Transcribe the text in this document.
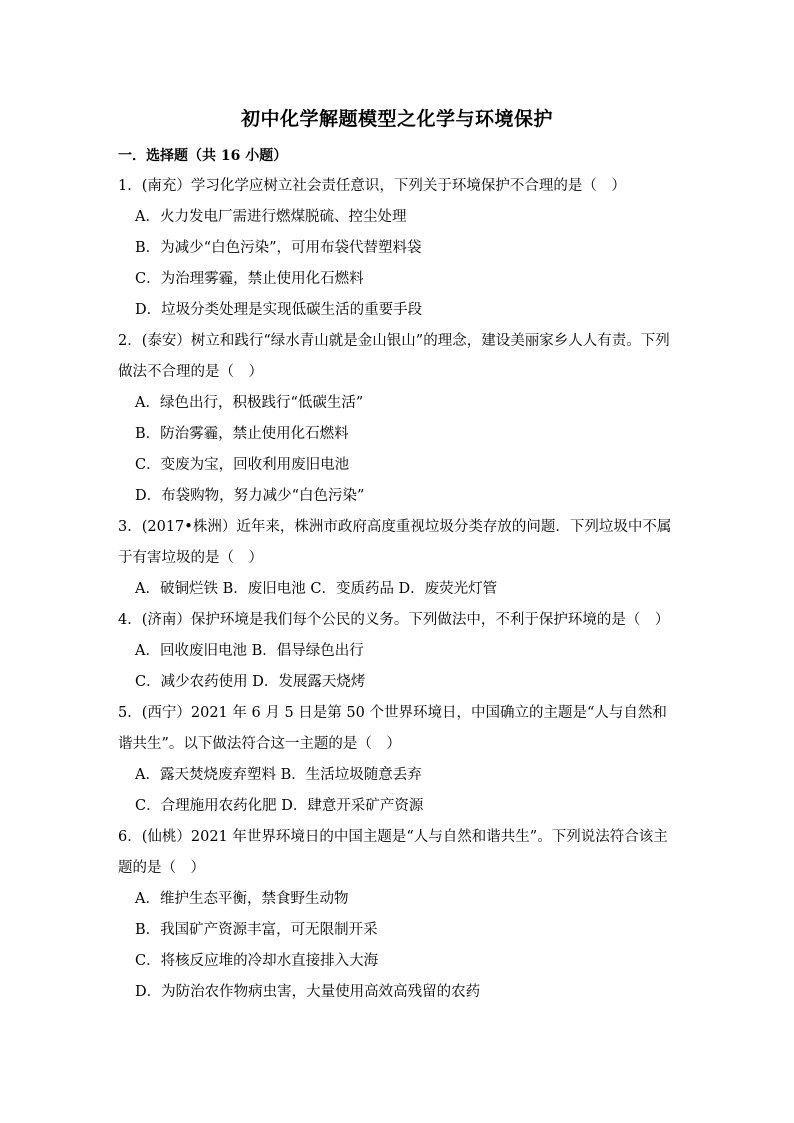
初中化学解题模型之化学与环境保护
一．选择题（共 16 小题）
1．(南充）学习化学应树立社会责任意识，下列关于环境保护不合理的是（　）
A．火力发电厂需进行燃煤脱硫、控尘处理
B．为减少“白色污染”，可用布袋代替塑料袋
C．为治理雾霾，禁止使用化石燃料
D．垃圾分类处理是实现低碳生活的重要手段
2．(泰安）树立和践行“绿水青山就是金山银山”的理念，建设美丽家乡人人有责。下列做法不合理的是（　）
A．绿色出行，积极践行“低碳生活”
B．防治雾霾，禁止使用化石燃料
C．变废为宝，回收利用废旧电池
D．布袋购物，努力减少“白色污染”
3．(2017•株洲）近年来，株洲市政府高度重视垃圾分类存放的问题．下列垃圾中不属于有害垃圾的是（　）
A．破铜烂铁 B．废旧电池 C．变质药品 D．废荧光灯管
4．(济南）保护环境是我们每个公民的义务。下列做法中，不利于保护环境的是（　）
A．回收废旧电池 B．倡导绿色出行
C．减少农药使用 D．发展露天烧烤
5．(西宁）2021 年 6 月 5 日是第 50 个世界环境日，中国确立的主题是“人与自然和谐共生”。以下做法符合这一主题的是（　）
A．露天焚烧废弃塑料 B．生活垃圾随意丢弃
C．合理施用农药化肥 D．肆意开采矿产资源
6．(仙桃）2021 年世界环境日的中国主题是“人与自然和谐共生”。下列说法符合该主题的是（　）
A．维护生态平衡，禁食野生动物
B．我国矿产资源丰富，可无限制开采
C．将核反应堆的冷却水直接排入大海
D．为防治农作物病虫害，大量使用高效高残留的农药
